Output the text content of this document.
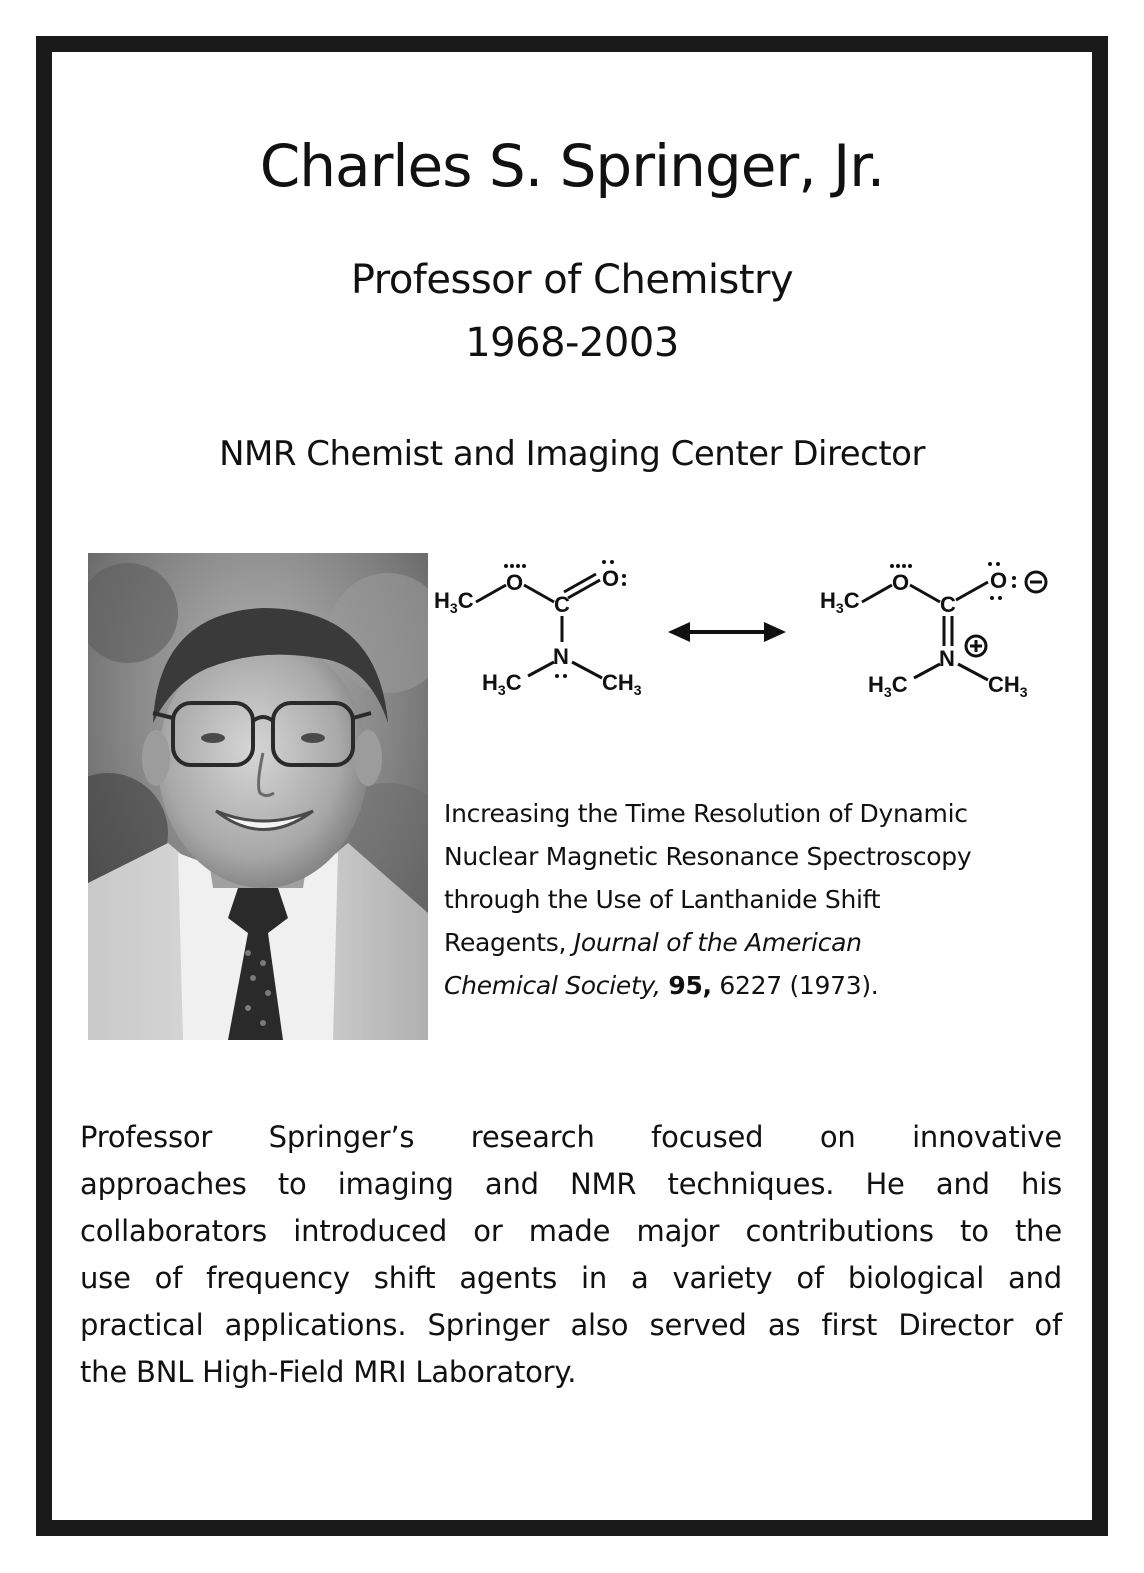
Charles S. Springer, Jr.
Professor of Chemistry
1968-2003
NMR Chemist and Imaging Center Director
$H_3C$
O
C
O
N
$H_3C$	$CH_3$
$H_3C$
O
C
O
N
$H_3C$	$CH_3$
Increasing the Time Resolution of Dynamic
Nuclear Magnetic Resonance Spectroscopy
through the Use of Lanthanide Shift
Reagents, Journal of the American
Chemical Society, 95, 6227 (1973).
Professor Springer’s research focused on innovative
approaches to imaging and NMR techniques. He and his
collaborators introduced or made major contributions to the
use of frequency shift agents in a variety of biological and
practical applications. Springer also served as first Director of
the BNL High-Field MRI Laboratory.
